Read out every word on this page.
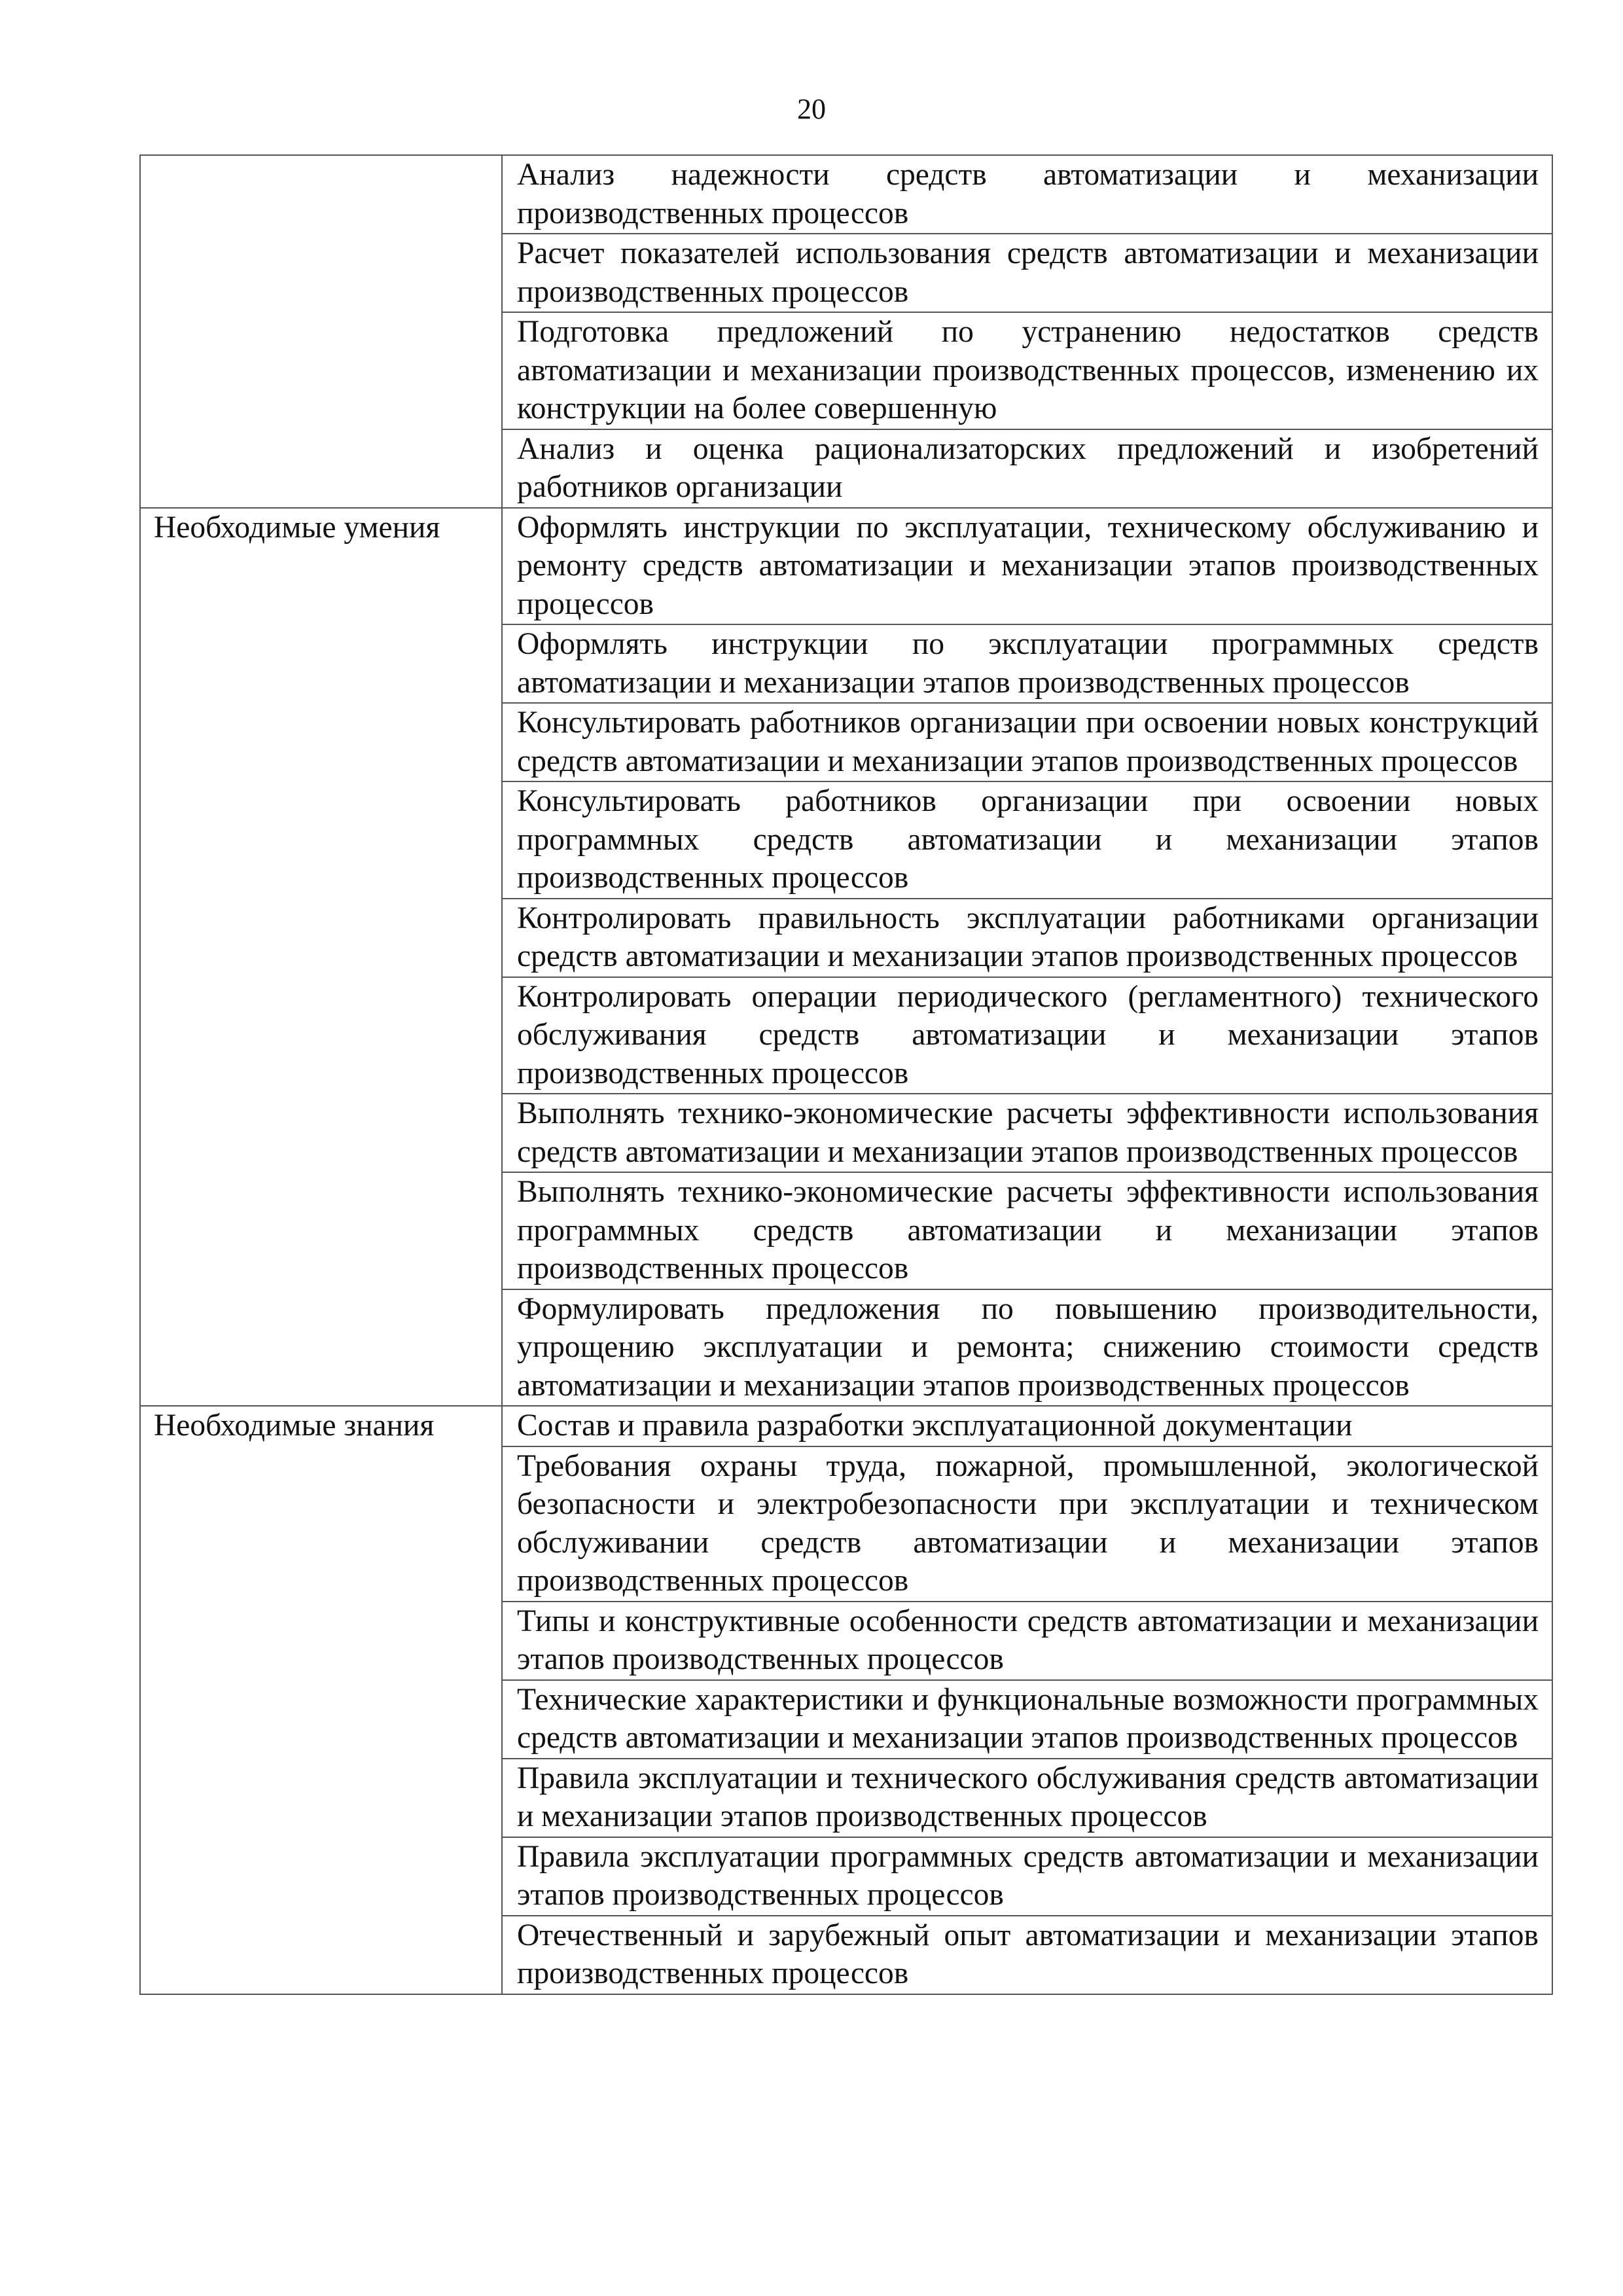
20
	Анализ надежности средств автоматизации и механизации производственных процессов
	Расчет показателей использования средств автоматизации и механизации производственных процессов
	Подготовка предложений по устранению недостатков средств автоматизации и механизации производственных процессов, изменению их конструкции на более совершенную
	Анализ и оценка рационализаторских предложений и изобретений работников организации
Необходимые умения	Оформлять инструкции по эксплуатации, техническому обслуживанию и ремонту средств автоматизации и механизации этапов производственных процессов
	Оформлять инструкции по эксплуатации программных средств автоматизации и механизации этапов производственных процессов
	Консультировать работников организации при освоении новых конструкций средств автоматизации и механизации этапов производственных процессов
	Консультировать работников организации при освоении новых программных средств автоматизации и механизации этапов производственных процессов
	Контролировать правильность эксплуатации работниками организации средств автоматизации и механизации этапов производственных процессов
	Контролировать операции периодического (регламентного) технического обслуживания средств автоматизации и механизации этапов производственных процессов
	Выполнять технико-экономические расчеты эффективности использования средств автоматизации и механизации этапов производственных процессов
	Выполнять технико-экономические расчеты эффективности использования программных средств автоматизации и механизации этапов производственных процессов
	Формулировать предложения по повышению производительности, упрощению эксплуатации и ремонта; снижению стоимости средств автоматизации и механизации этапов производственных процессов
Необходимые знания	Состав и правила разработки эксплуатационной документации
	Требования охраны труда, пожарной, промышленной, экологической безопасности и электробезопасности при эксплуатации и техническом обслуживании средств автоматизации и механизации этапов производственных процессов
	Типы и конструктивные особенности средств автоматизации и механизации этапов производственных процессов
	Технические характеристики и функциональные возможности программных средств автоматизации и механизации этапов производственных процессов
	Правила эксплуатации и технического обслуживания средств автоматизации и механизации этапов производственных процессов
	Правила эксплуатации программных средств автоматизации и механизации этапов производственных процессов
	Отечественный и зарубежный опыт автоматизации и механизации этапов производственных процессов
